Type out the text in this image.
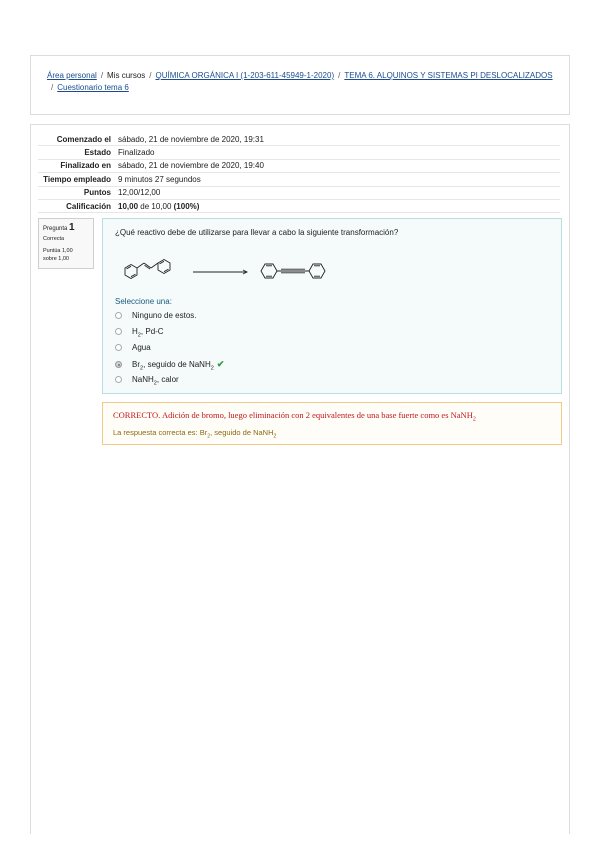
Área personal / Mis cursos / QUÍMICA ORGÁNICA I (1-203-611-45949-1-2020) / TEMA 6. ALQUINOS Y SISTEMAS PI DESLOCALIZADOS
/ Cuestionario tema 6
Comenzado el	sábado, 21 de noviembre de 2020, 19:31
Estado	Finalizado
Finalizado en	sábado, 21 de noviembre de 2020, 19:40
Tiempo empleado	9 minutos 27 segundos
Puntos	12,00/12,00
Calificación	10,00 de 10,00 (100%)
Pregunta 1
Correcta
Puntúa 1,00
sobre 1,00
¿Qué reactivo debe de utilizarse para llevar a cabo la siguiente transformación?
Seleccione una:
Ninguno de estos.
$H_2$, Pd-C
Agua
$Br_2$, seguido de NaNH$_2$ ✔
NaNH$_2$, calor
CORRECTO. Adición de bromo, luego eliminación con 2 equivalentes de una base fuerte como es NaNH$_2$
La respuesta correcta es: $Br_2$, seguido de NaNH$_2$
